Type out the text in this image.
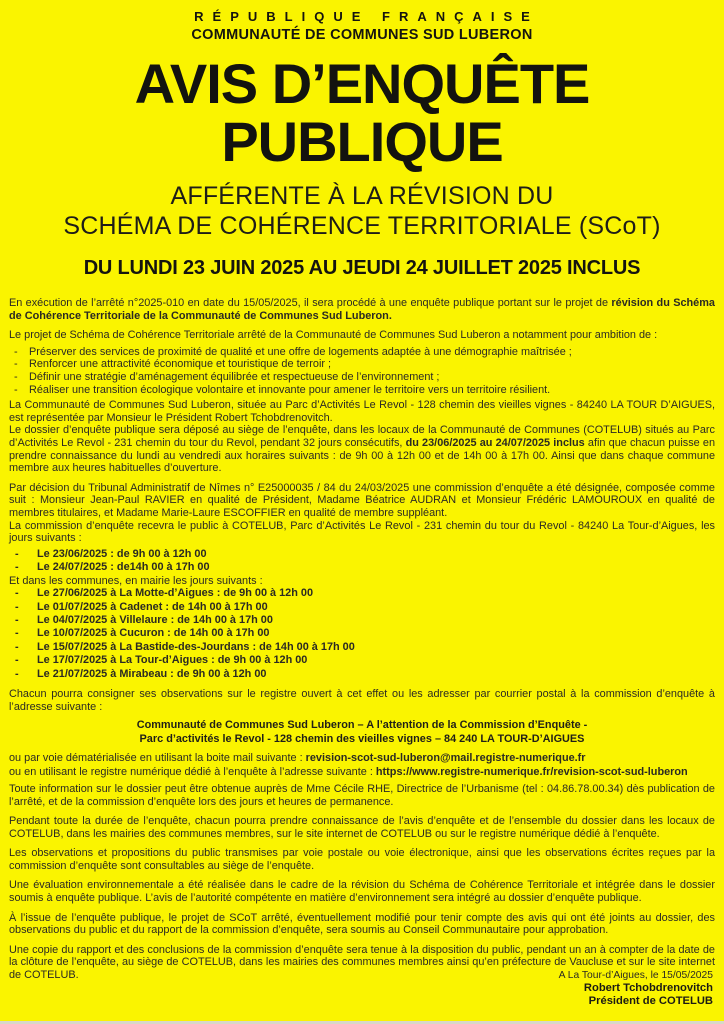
RÉPUBLIQUE FRANÇAISE
COMMUNAUTÉ DE COMMUNES SUD LUBERON
AVIS D’ENQUÊTE
PUBLIQUE
AFFÉRENTE À LA RÉVISION DU
SCHÉMA DE COHÉRENCE TERRITORIALE (SCoT)
DU LUNDI 23 JUIN 2025 AU JEUDI 24 JUILLET 2025 INCLUS

En exécution de l’arrêté n°2025-010 en date du 15/05/2025, il sera procédé à une enquête publique portant sur le projet de révision du Schéma de Cohérence Territoriale de la Communauté de Communes Sud Luberon.

Le projet de Schéma de Cohérence Territoriale arrêté de la Communauté de Communes Sud Luberon a notamment pour ambition de :

- Préserver des services de proximité de qualité et une offre de logements adaptée à une démographie maîtrisée ;
- Renforcer une attractivité économique et touristique de terroir ;
- Définir une stratégie d’aménagement équilibrée et respectueuse de l’environnement ;
- Réaliser une transition écologique volontaire et innovante pour amener le territoire vers un territoire résilient.

La Communauté de Communes Sud Luberon, située au Parc d’Activités Le Revol - 128 chemin des vieilles vignes - 84240 LA TOUR D’AIGUES, est représentée par Monsieur le Président Robert Tchobdrenovitch.

Le dossier d’enquête publique sera déposé au siège de l’enquête, dans les locaux de la Communauté de Communes (COTELUB) situés au Parc d’Activités Le Revol - 231 chemin du tour du Revol, pendant 32 jours consécutifs, du 23/06/2025 au 24/07/2025 inclus afin que chacun puisse en prendre connaissance du lundi au vendredi aux horaires suivants : de 9h 00 à 12h 00 et de 14h 00 à 17h 00. Ainsi que dans chaque commune membre aux heures habituelles d’ouverture.

Par décision du Tribunal Administratif de Nîmes n° E25000035 / 84 du 24/03/2025 une commission d’enquête a été désignée, composée comme suit : Monsieur Jean-Paul RAVIER en qualité de Président, Madame Béatrice AUDRAN et Monsieur Frédéric LAMOUROUX en qualité de membres titulaires, et Madame Marie-Laure ESCOFFIER en qualité de membre suppléant.

La commission d’enquête recevra le public à COTELUB, Parc d’Activités Le Revol - 231 chemin du tour du Revol - 84240 La Tour-d’Aigues, les jours suivants :

- Le 23/06/2025 : de 9h 00 à 12h 00
- Le 24/07/2025 : de14h 00 à 17h 00

Et dans les communes, en mairie les jours suivants :

- Le 27/06/2025 à La Motte-d’Aigues : de 9h 00 à 12h 00
- Le 01/07/2025 à Cadenet : de 14h 00 à 17h 00
- Le 04/07/2025 à Villelaure : de 14h 00 à 17h 00
- Le 10/07/2025 à Cucuron : de 14h 00 à 17h 00
- Le 15/07/2025 à La Bastide-des-Jourdans : de 14h 00 à 17h 00
- Le 17/07/2025 à La Tour-d’Aigues : de 9h 00 à 12h 00
- Le 21/07/2025 à Mirabeau : de 9h 00 à 12h 00

Chacun pourra consigner ses observations sur le registre ouvert à cet effet ou les adresser par courrier postal à la commission d’enquête à l’adresse suivante :

Communauté de Communes Sud Luberon – A l’attention de la Commission d’Enquête -
Parc d’activités le Revol - 128 chemin des vieilles vignes – 84 240 LA TOUR-D’AIGUES

ou par voie dématérialisée en utilisant la boite mail suivante : revision-scot-sud-luberon@mail.registre-numerique.fr

ou en utilisant le registre numérique dédié à l’enquête à l’adresse suivante : https://www.registre-numerique.fr/revision-scot-sud-luberon

Toute information sur le dossier peut être obtenue auprès de Mme Cécile RHE, Directrice de l’Urbanisme (tel : 04.86.78.00.34) dès publication de l’arrêté, et de la commission d’enquête lors des jours et heures de permanence.

Pendant toute la durée de l’enquête, chacun pourra prendre connaissance de l’avis d’enquête et de l’ensemble du dossier dans les locaux de COTELUB, dans les mairies des communes membres, sur le site internet de COTELUB ou sur le registre numérique dédié à l’enquête.

Les observations et propositions du public transmises par voie postale ou voie électronique, ainsi que les observations écrites reçues par la commission d’enquête sont consultables au siège de l’enquête.

Une évaluation environnementale a été réalisée dans le cadre de la révision du Schéma de Cohérence Territoriale et intégrée dans le dossier soumis à enquête publique. L’avis de l’autorité compétente en matière d’environnement sera intégré au dossier d’enquête publique.

À l’issue de l’enquête publique, le projet de SCoT arrêté, éventuellement modifié pour tenir compte des avis qui ont été joints au dossier, des observations du public et du rapport de la commission d’enquête, sera soumis au Conseil Communautaire pour approbation.

Une copie du rapport et des conclusions de la commission d’enquête sera tenue à la disposition du public, pendant un an à compter de la date de la clôture de l’enquête, au siège de COTELUB, dans les mairies des communes membres ainsi qu’en préfecture de Vaucluse et sur le site internet de COTELUB.	A La Tour-d’Aigues, le 15/05/2025
Robert Tchobdrenovitch
Président de COTELUB
